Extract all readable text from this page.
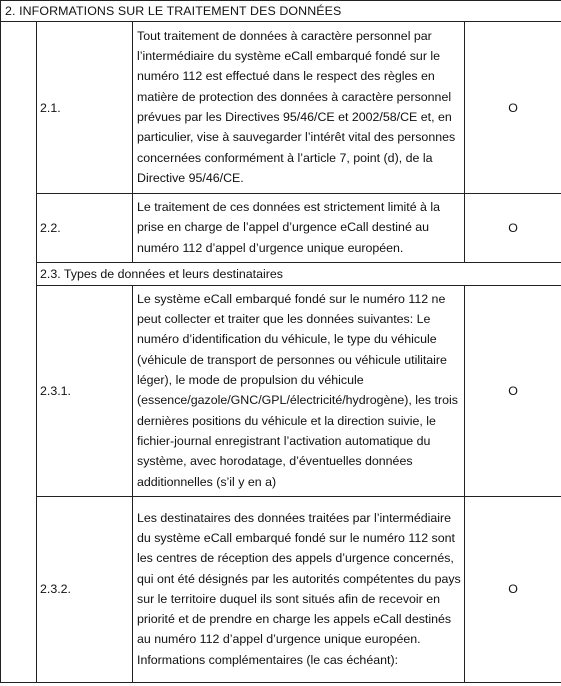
2. INFORMATIONS SUR LE TRAITEMENT DES DONNÉES			
	2.1.	Tout traitement de données à caractère personnel par l’intermédiaire du système eCall embarqué fondé sur le numéro 112 est effectué dans le respect des règles en matière de protection des données à caractère personnel prévues par les Directives 95/46/CE et 2002/58/CE et, en particulier, vise à sauvegarder l’intérêt vital des personnes concernées conformément à l’article 7, point (d), de la Directive 95/46/CE.	O
	2.2.	Le traitement de ces données est strictement limité à la prise en charge de l’appel d’urgence eCall destiné au numéro 112 d’appel d’urgence unique européen.	O
	2.3. Types de données et leurs destinataires		
	2.3.1.	Le système eCall embarqué fondé sur le numéro 112 ne peut collecter et traiter que les données suivantes: Le numéro d’identification du véhicule, le type du véhicule (véhicule de transport de personnes ou véhicule utilitaire léger), le mode de propulsion du véhicule (essence/gazole/GNC/GPL/électricité/hydrogène), les trois dernières positions du véhicule et la direction suivie, le fichier-journal enregistrant l’activation automatique du système, avec horodatage, d’éventuelles données additionnelles (s’il y en a)	O
	2.3.2.	Les destinataires des données traitées par l’intermédiaire du système eCall embarqué fondé sur le numéro 112 sont les centres de réception des appels d’urgence concernés, qui ont été désignés par les autorités compétentes du pays sur le territoire duquel ils sont situés afin de recevoir en priorité et de prendre en charge les appels eCall destinés au numéro 112 d’appel d’urgence unique européen. Informations complémentaires (le cas échéant):	O
